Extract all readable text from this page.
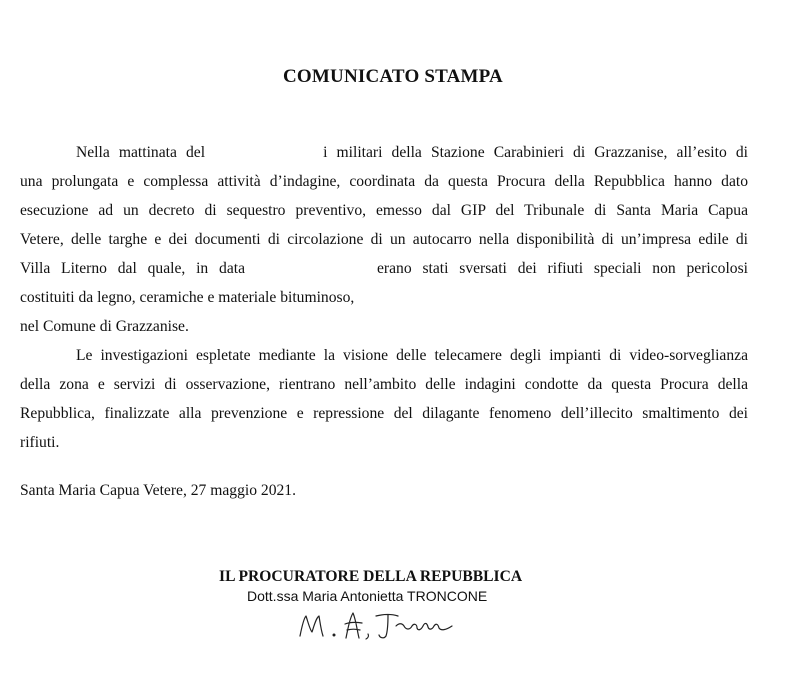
COMUNICATO STAMPA
Nella mattinata del	i militari della Stazione Carabinieri di Grazzanise, all’esito di
una prolungata e complessa attività d’indagine, coordinata da questa Procura della Repubblica hanno dato
esecuzione ad un decreto di sequestro preventivo, emesso dal GIP del Tribunale di Santa Maria Capua
Vetere, delle targhe e dei documenti di circolazione di un autocarro nella disponibilità di un’impresa edile di
Villa Literno dal quale, in data	erano stati sversati dei rifiuti speciali non pericolosi
costituiti da legno, ceramiche e materiale bituminoso,
nel Comune di Grazzanise.
Le investigazioni espletate mediante la visione delle telecamere degli impianti di video-sorveglianza
della zona e servizi di osservazione, rientrano nell’ambito delle indagini condotte da questa Procura della
Repubblica, finalizzate alla prevenzione e repressione del dilagante fenomeno dell’illecito smaltimento dei
rifiuti.
Santa Maria Capua Vetere, 27 maggio 2021.
IL PROCURATORE DELLA REPUBBLICA
Dott.ssa Maria Antonietta TRONCONE
